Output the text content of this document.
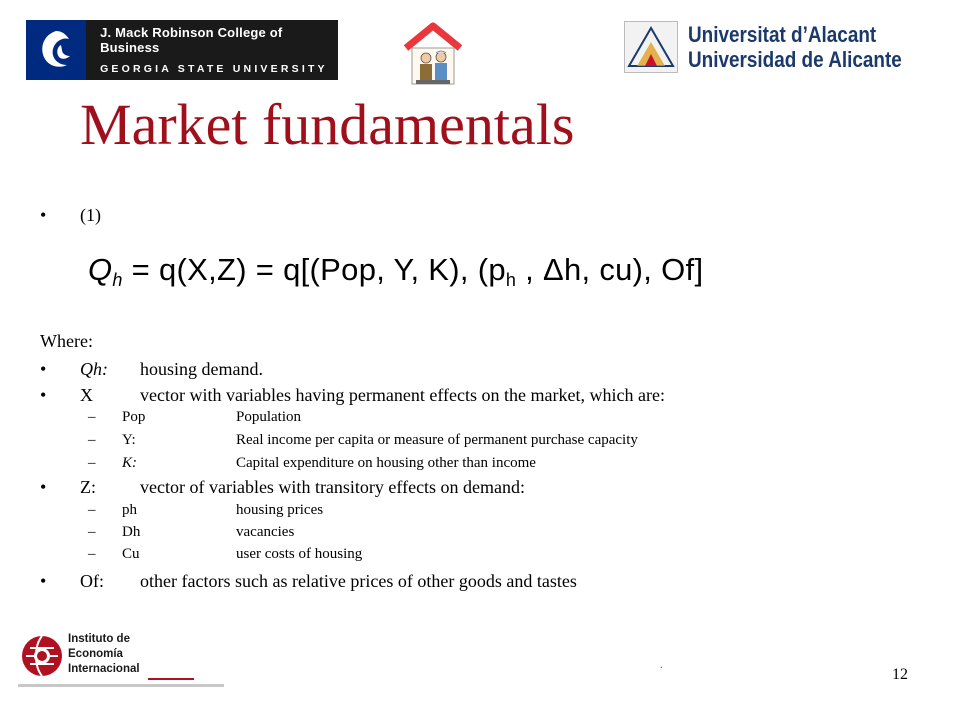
J. Mack Robinson College of Business
GEORGIA STATE UNIVERSITY
Universitat d’Alacant
Universidad de Alicante
Market fundamentals
• (1)
Qh = q(X,Z) = q[(Pop, Y, K), (ph , Δh, cu), Of]
Where:
• Qh: housing demand.
• X	vector with variables having permanent effects on the market, which are:
– Pop	Population
– Y:	Real income per capita or measure of permanent purchase capacity
– K:	Capital expenditure on housing other than income
• Z: vector of variables with transitory effects on demand:
– ph	housing prices
– Dh	vacancies
– Cu	user costs of housing
• Of: other factors such as relative prices of other goods and tastes
Instituto de
Economía
Internacional	.
12
